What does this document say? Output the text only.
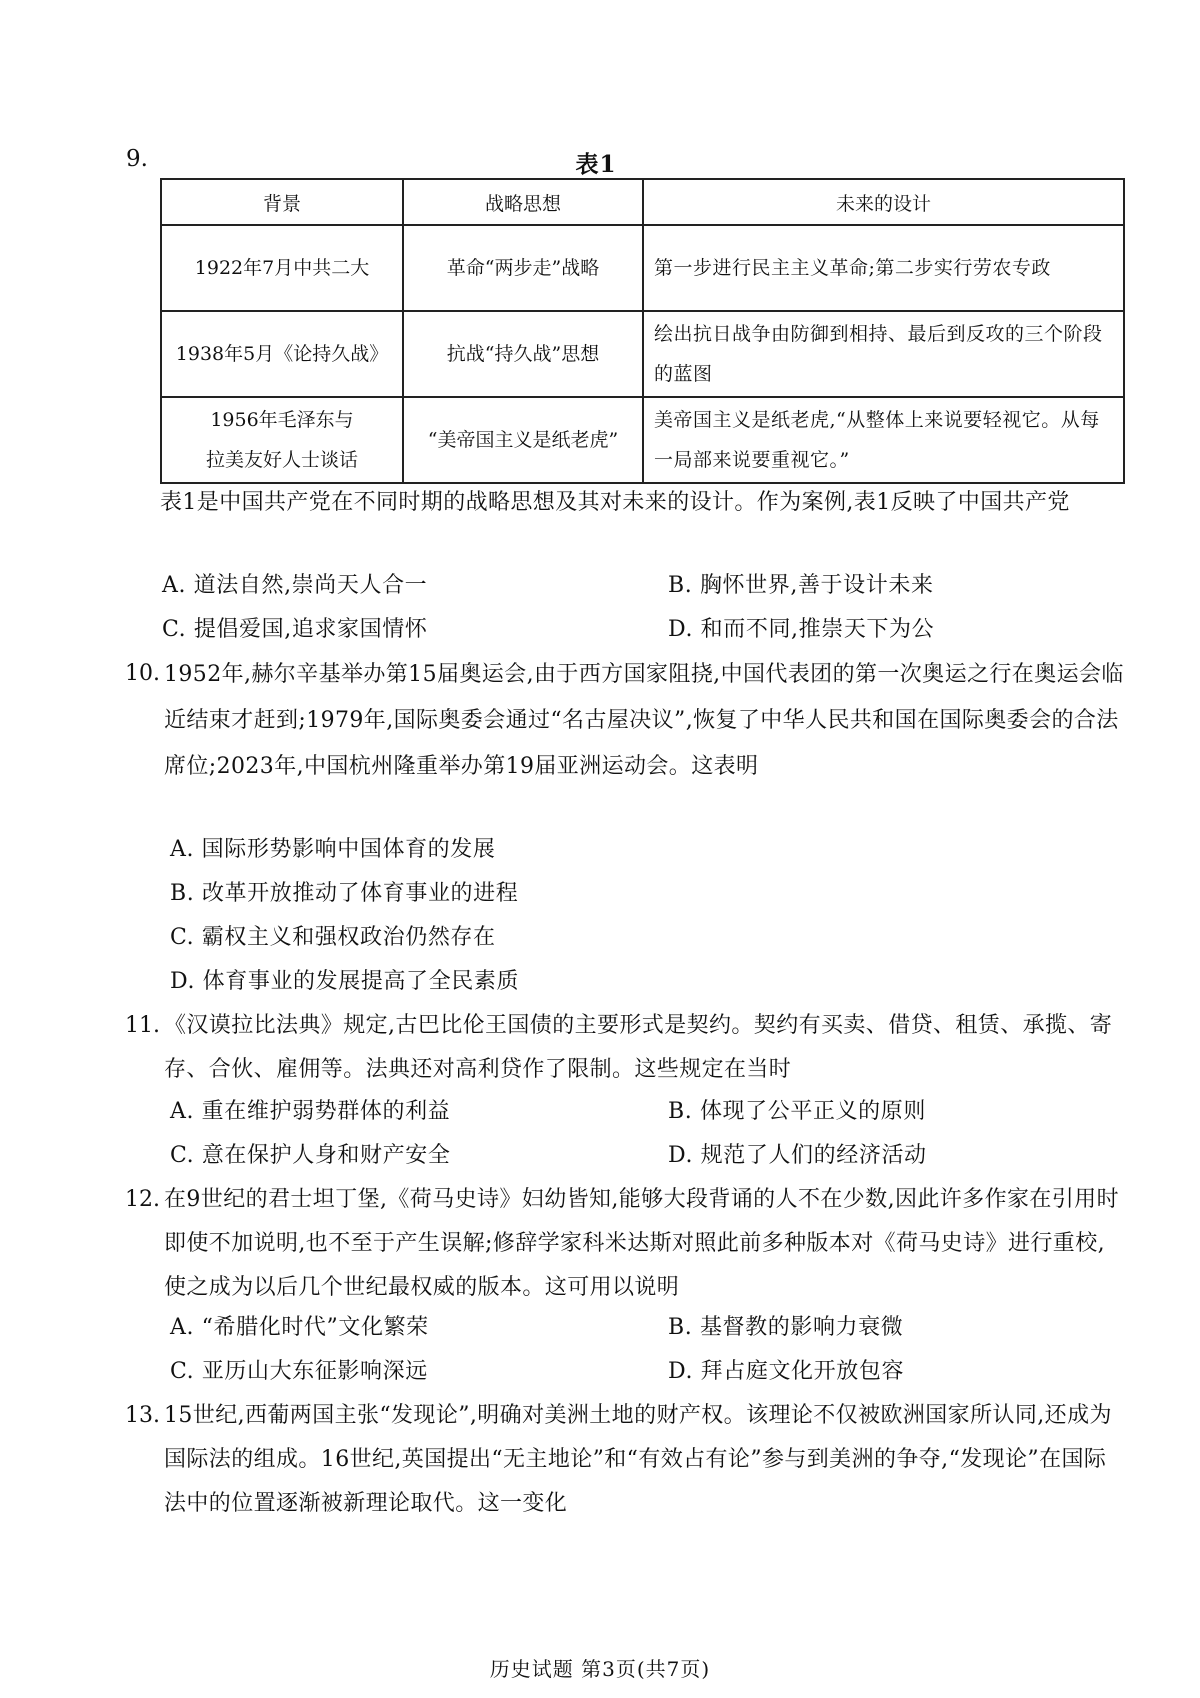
9.	表1
背景	战略思想	未来的设计
1922年7月中共二大	革命“两步走”战略	第一步进行民主主义革命;第二步实行劳农专政
1938年5月《论持久战》	抗战“持久战”思想	绘出抗日战争由防御到相持、最后到反攻的三个阶段的蓝图
1956年毛泽东与拉美友好人士谈话	“美帝国主义是纸老虎”	美帝国主义是纸老虎,“从整体上来说要轻视它。从每一局部来说要重视它。”
表1是中国共产党在不同时期的战略思想及其对未来的设计。作为案例,表1反映了中国共产党
A. 道法自然,崇尚天人合一	B. 胸怀世界,善于设计未来
C. 提倡爱国,追求家国情怀	D. 和而不同,推崇天下为公
10. 1952年,赫尔辛基举办第15届奥运会,由于西方国家阻挠,中国代表团的第一次奥运之行在奥运会临近结束才赶到;1979年,国际奥委会通过“名古屋决议”,恢复了中华人民共和国在国际奥委会的合法席位;2023年,中国杭州隆重举办第19届亚洲运动会。这表明
A. 国际形势影响中国体育的发展
B. 改革开放推动了体育事业的进程
C. 霸权主义和强权政治仍然存在
D. 体育事业的发展提高了全民素质
11. 《汉谟拉比法典》规定,古巴比伦王国债的主要形式是契约。契约有买卖、借贷、租赁、承揽、寄存、合伙、雇佣等。法典还对高利贷作了限制。这些规定在当时
A. 重在维护弱势群体的利益	B. 体现了公平正义的原则
C. 意在保护人身和财产安全	D. 规范了人们的经济活动
12. 在9世纪的君士坦丁堡,《荷马史诗》妇幼皆知,能够大段背诵的人不在少数,因此许多作家在引用时即使不加说明,也不至于产生误解;修辞学家科米达斯对照此前多种版本对《荷马史诗》进行重校,使之成为以后几个世纪最权威的版本。这可用以说明
A. “希腊化时代”文化繁荣	B. 基督教的影响力衰微
C. 亚历山大东征影响深远	D. 拜占庭文化开放包容
13. 15世纪,西葡两国主张“发现论”,明确对美洲土地的财产权。该理论不仅被欧洲国家所认同,还成为国际法的组成。16世纪,英国提出“无主地论”和“有效占有论”参与到美洲的争夺,“发现论”在国际法中的位置逐渐被新理论取代。这一变化
历史试题 第3页(共7页)
